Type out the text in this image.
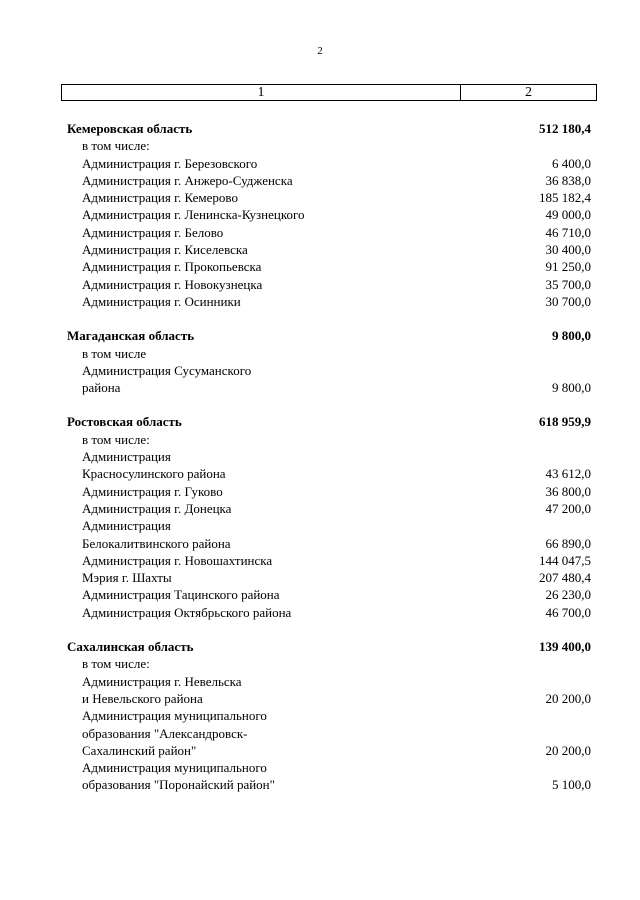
2
1	2
Кемеровская область	512 180,4
в том числе:
Администрация г. Березовского	6 400,0
Администрация г. Анжеро-Судженска	36 838,0
Администрация г. Кемерово	185 182,4
Администрация г. Ленинска-Кузнецкого	49 000,0
Администрация г. Белово	46 710,0
Администрация г. Киселевска	30 400,0
Администрация г. Прокопьевска	91 250,0
Администрация г. Новокузнецка	35 700,0
Администрация г. Осинники	30 700,0
Магаданская область	9 800,0
в том числе
Администрация Сусуманского
района	9 800,0
Ростовская область	618 959,9
в том числе:
Администрация
Красносулинского района	43 612,0
Администрация г. Гуково	36 800,0
Администрация г. Донецка	47 200,0
Администрация
Белокалитвинского района	66 890,0
Администрация г. Новошахтинска	144 047,5
Мэрия г. Шахты	207 480,4
Администрация Тацинского района	26 230,0
Администрация Октябрьского района	46 700,0
Сахалинская область	139 400,0
в том числе:
Администрация г. Невельска
и Невельского района	20 200,0
Администрация муниципального
образования "Александровск-
Сахалинский район"	20 200,0
Администрация муниципального
образования "Поронайский район"	5 100,0
